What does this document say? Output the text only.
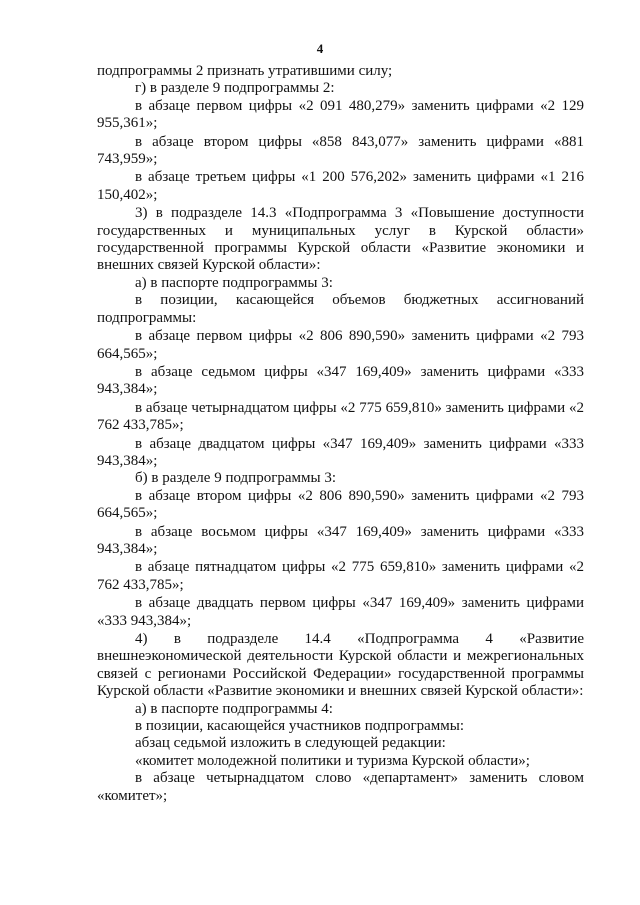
4

подпрограммы 2 признать утратившими силу;

г) в разделе 9 подпрограммы 2:

в абзаце первом цифры «2 091 480,279» заменить цифрами «2 129 955,361»;

в абзаце втором цифры «858 843,077» заменить цифрами «881 743,959»;

в абзаце третьем цифры «1 200 576,202» заменить цифрами «1 216 150,402»;

3) в подразделе 14.3 «Подпрограмма 3 «Повышение доступности государственных и муниципальных услуг в Курской области» государственной программы Курской области «Развитие экономики и внешних связей Курской области»:

а) в паспорте подпрограммы 3:

в позиции, касающейся объемов бюджетных ассигнований подпрограммы:

в абзаце первом цифры «2 806 890,590» заменить цифрами «2 793 664,565»;

в абзаце седьмом цифры «347 169,409» заменить цифрами «333 943,384»;

в абзаце четырнадцатом цифры «2 775 659,810» заменить цифрами «2 762 433,785»;

в абзаце двадцатом цифры «347 169,409» заменить цифрами «333 943,384»;

б) в разделе 9 подпрограммы 3:

в абзаце втором цифры «2 806 890,590» заменить цифрами «2 793 664,565»;

в абзаце восьмом цифры «347 169,409» заменить цифрами «333 943,384»;

в абзаце пятнадцатом цифры «2 775 659,810» заменить цифрами «2 762 433,785»;

в абзаце двадцать первом цифры «347 169,409» заменить цифрами «333 943,384»;

4) в подразделе 14.4 «Подпрограмма 4 «Развитие внешнеэкономической деятельности Курской области и межрегиональных связей с регионами Российской Федерации» государственной программы Курской области «Развитие экономики и внешних связей Курской области»:

а) в паспорте подпрограммы 4:

в позиции, касающейся участников подпрограммы:

абзац седьмой изложить в следующей редакции:

«комитет молодежной политики и туризма Курской области»;

в абзаце четырнадцатом слово «департамент» заменить словом «комитет»;
